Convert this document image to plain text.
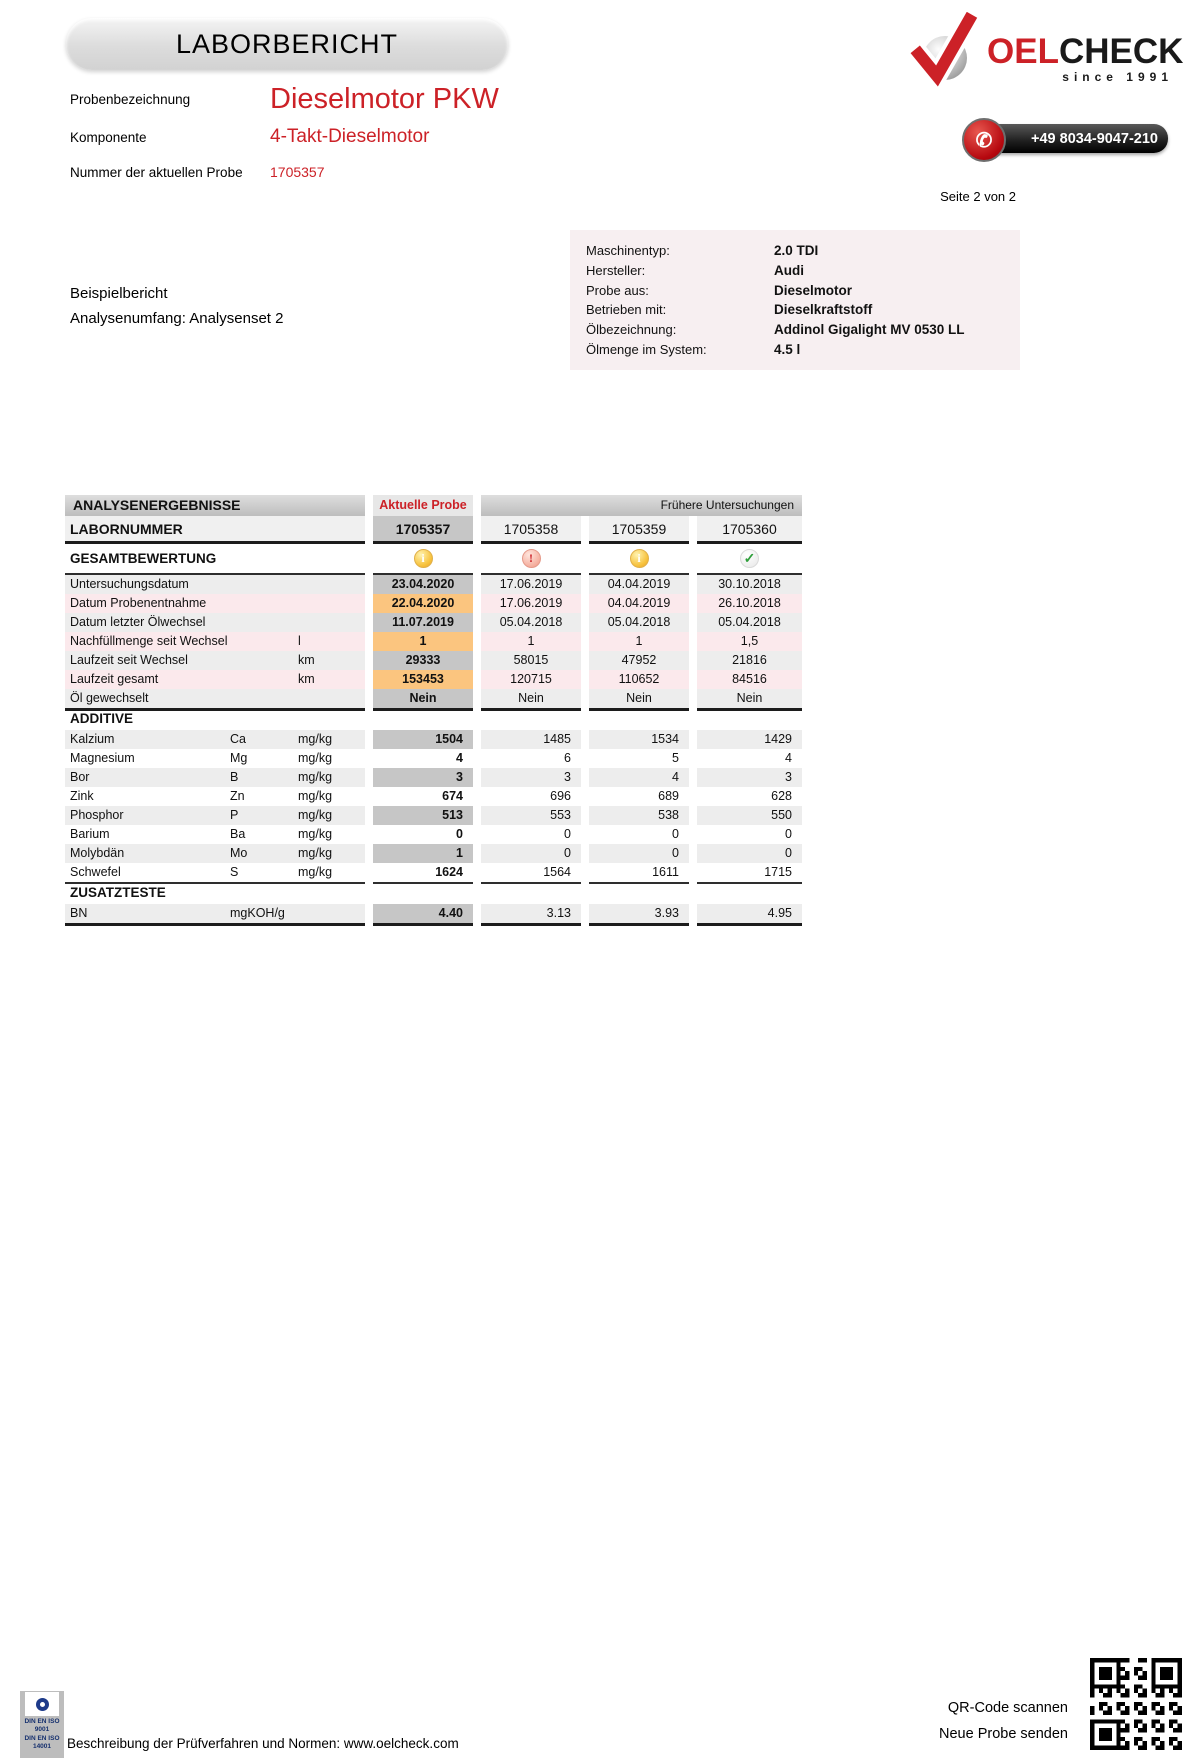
LABORBERICHT	OELCHECK
since 1991
✆	+49 8034-9047-210
Probenbezeichnung	Dieselmotor PKW
Komponente	4-Takt-Dieselmotor
Nummer der aktuellen Probe 1705357
Seite 2 von 2
Maschinentyp:	2.0 TDI
Hersteller:	Audi
Probe aus:	Dieselmotor
Betrieben mit:	Dieselkraftstoff
Ölbezeichnung:	Addinol Gigalight MV 0530 LL
Ölmenge im System:	4.5 l
Beispielbericht
Analysenumfang: Analysenset 2
ANALYSENERGEBNISSE	Aktuelle Probe	Frühere Untersuchungen
LABORNUMMER	1705357	1705358	1705359	1705360
GESAMTBEWERTUNG	i	!	i	✓
Untersuchungsdatum	23.04.2020	17.06.2019	04.04.2019	30.10.2018
Datum Probenentnahme	22.04.2020	17.06.2019	04.04.2019	26.10.2018
Datum letzter Ölwechsel	11.07.2019	05.04.2018	05.04.2018	05.04.2018
Nachfüllmenge seit Wechsel	l	1	1	1	1,5
Laufzeit seit Wechsel	km	29333	58015	47952	21816
Laufzeit gesamt	km	153453	120715	110652	84516
Öl gewechselt	Nein	Nein	Nein	Nein
ADDITIVE
Kalzium	Ca	mg/kg	1504	1485	1534	1429
Magnesium	Mg	mg/kg	4	6	5	4
Bor	B	mg/kg	3	3	4	3
Zink	Zn	mg/kg	674	696	689	628
Phosphor	P	mg/kg	513	553	538	550
Barium	Ba	mg/kg	0	0	0	0
Molybdän	Mo	mg/kg	1	0	0	0
Schwefel	S	mg/kg	1624	1564	1611	1715
ZUSATZTESTE
BN	mgKOH/g	4.40	3.13	3.93	4.95
DIN EN ISO
9001
DIN EN ISO
14001	Beschreibung der Prüfverfahren und Normen: www.oelcheck.com
QR-Code scannen
Neue Probe senden
